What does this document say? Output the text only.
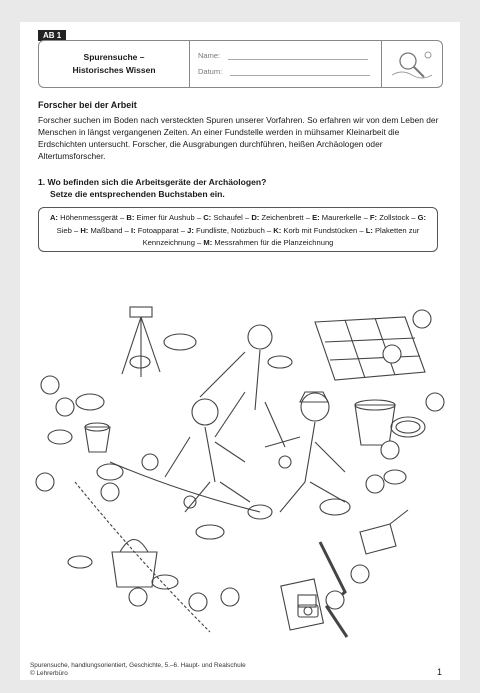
AB 1
Spurensuche –
Historisches Wissen
Name:
Datum:
Forscher bei der Arbeit
Forscher suchen im Boden nach versteckten Spuren unserer Vorfahren. So erfahren wir von dem Leben der Menschen in längst vergangenen Zeiten. An einer Fundstelle werden in mühsamer Kleinarbeit die Erdschichten untersucht. Forscher, die Ausgrabungen durchführen, heißen Archäologen oder Altertumsforscher.
1. Wo befinden sich die Arbeitsgeräte der Archäologen?
Setze die entsprechenden Buchstaben ein.
A: Höhenmessgerät – B: Eimer für Aushub – C: Schaufel – D: Zeichenbrett – E: Maurerkelle – F: Zollstock – G: Sieb – H: Maßband – I: Fotoapparat – J: Fundliste, Notizbuch – K: Korb mit Fundstücken – L: Plaketten zur Kennzeichnung – M: Messrahmen für die Planzeichnung
Spurensuche, handlungsorientiert, Geschichte, 5.–6. Haupt- und Realschule
© Lehrerbüro	1
